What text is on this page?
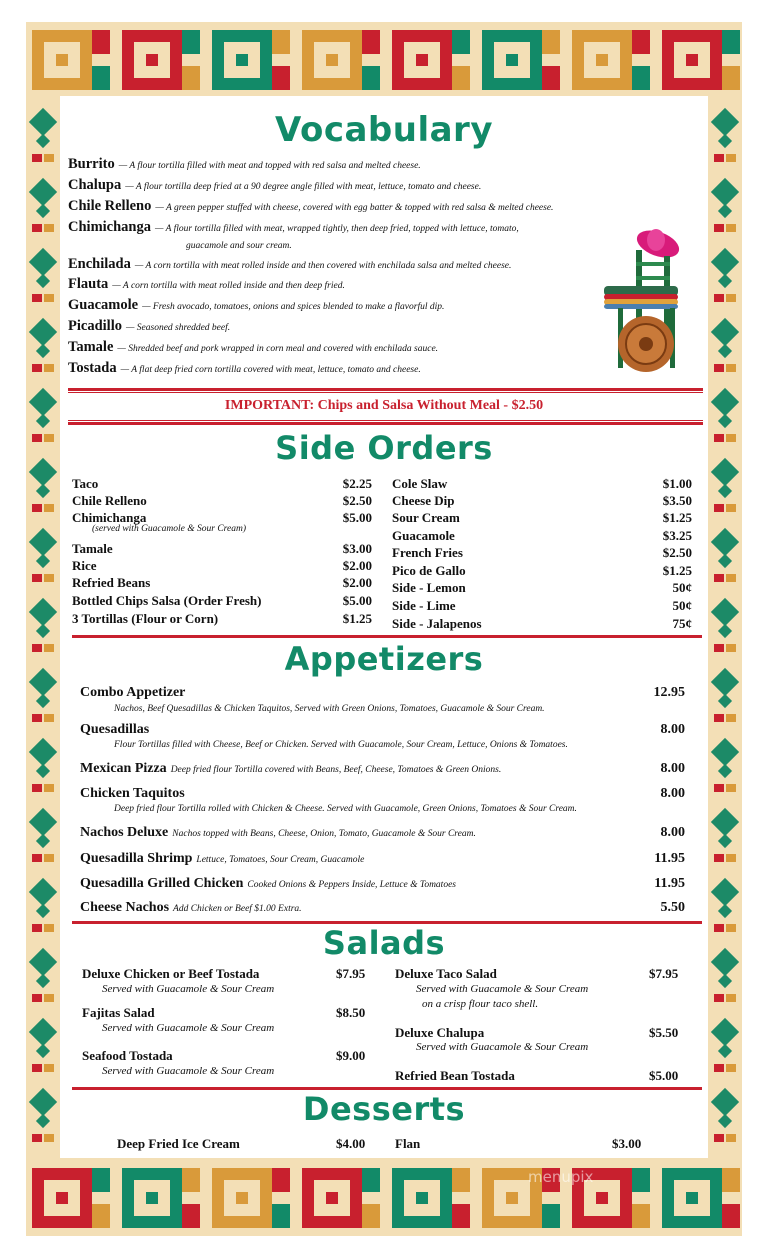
Vocabulary
Burrito — A flour tortilla filled with meat and topped with red salsa and melted cheese.
Chalupa — A flour tortilla deep fried at a 90 degree angle filled with meat, lettuce, tomato and cheese.
Chile Relleno — A green pepper stuffed with cheese, covered with egg batter & topped with red salsa & melted cheese.
Chimichanga — A flour tortilla filled with meat, wrapped tightly, then deep fried, topped with lettuce, tomato,
guacamole and sour cream.
Enchilada — A corn tortilla with meat rolled inside and then covered with enchilada salsa and melted cheese.
Flauta — A corn tortilla with meat rolled inside and then deep fried.
Guacamole — Fresh avocado, tomatoes, onions and spices blended to make a flavorful dip.
Picadillo — Seasoned shredded beef.
Tamale — Shredded beef and pork wrapped in corn meal and covered with enchilada sauce.
Tostada — A flat deep fried corn tortilla covered with meat, lettuce, tomato and cheese.
IMPORTANT: Chips and Salsa Without Meal - $2.50
Side Orders
Taco	$2.25
Chile Relleno	$2.50
Chimichanga	$5.00
(served with Guacamole & Sour Cream)
Tamale	$3.00
Rice	$2.00
Refried Beans	$2.00
Bottled Chips Salsa (Order Fresh)	$5.00
3 Tortillas (Flour or Corn)	$1.25
Cole Slaw	$1.00
Cheese Dip	$3.50
Sour Cream	$1.25
Guacamole	$3.25
French Fries	$2.50
Pico de Gallo	$1.25
Side - Lemon	50¢
Side - Lime	50¢
Side - Jalapenos	75¢
Appetizers
Combo Appetizer	12.95
Nachos, Beef Quesadillas & Chicken Taquitos, Served with Green Onions, Tomatoes, Guacamole & Sour Cream.
Quesadillas	8.00
Flour Tortillas filled with Cheese, Beef or Chicken. Served with Guacamole, Sour Cream, Lettuce, Onions & Tomatoes.
Mexican Pizza Deep fried flour Tortilla covered with Beans, Beef, Cheese, Tomatoes & Green Onions.	8.00
Chicken Taquitos	8.00
Deep fried flour Tortilla rolled with Chicken & Cheese. Served with Guacamole, Green Onions, Tomatoes & Sour Cream.
Nachos Deluxe Nachos topped with Beans, Cheese, Onion, Tomato, Guacamole & Sour Cream.	8.00
Quesadilla Shrimp Lettuce, Tomatoes, Sour Cream, Guacamole	11.95
Quesadilla Grilled Chicken Cooked Onions & Peppers Inside, Lettuce & Tomatoes	11.95
Cheese Nachos Add Chicken or Beef $1.00 Extra.	5.50
Salads
Deluxe Chicken or Beef Tostada	$7.95
Served with Guacamole & Sour Cream
Fajitas Salad	$8.50
Served with Guacamole & Sour Cream
Seafood Tostada	$9.00
Served with Guacamole & Sour Cream
Deluxe Taco Salad	$7.95
Served with Guacamole & Sour Cream
on a crisp flour taco shell.
Deluxe Chalupa	$5.50
Served with Guacamole & Sour Cream
Refried Bean Tostada	$5.00
Desserts
Deep Fried Ice Cream	$4.00 Flan	$3.00
menupix
